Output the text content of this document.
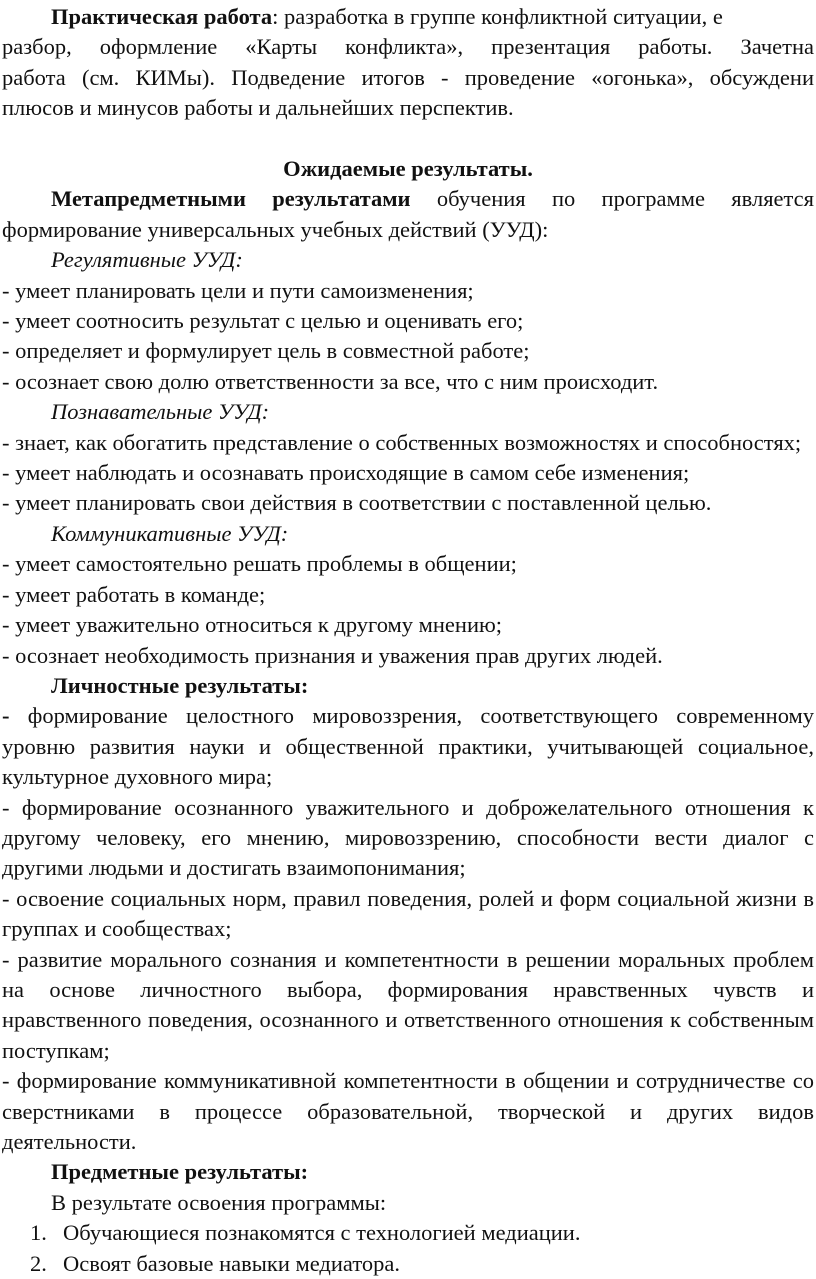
Практическая работа: разработка в группе конфликтной ситуации, е

разбор, оформление «Карты конфликта», презентация работы. Зачетна

работа (см. КИМы). Подведение итогов - проведение «огонька», обсуждени

плюсов и минусов работы и дальнейших перспектив.

Ожидаемые результаты.

Метапредметными результатами обучения по программе является формирование универсальных учебных действий (УУД):

Регулятивные УУД:

- умеет планировать цели и пути самоизменения;

- умеет соотносить результат с целью и оценивать его;

- определяет и формулирует цель в совместной работе;

- осознает свою долю ответственности за все, что с ним происходит.

Познавательные УУД:

- знает, как обогатить представление о собственных возможностях и способностях;

- умеет наблюдать и осознавать происходящие в самом себе изменения;

- умеет планировать свои действия в соответствии с поставленной целью.

Коммуникативные УУД:

- умеет самостоятельно решать проблемы в общении;

- умеет работать в команде;

- умеет уважительно относиться к другому мнению;

- осознает необходимость признания и уважения прав других людей.

Личностные результаты:

- формирование целостного мировоззрения, соответствующего современному уровню развития науки и общественной практики, учитывающей социальное, культурное духовного мира;

- формирование осознанного уважительного и доброжелательного отношения к другому человеку, его мнению, мировоззрению, способности вести диалог с другими людьми и достигать взаимопонимания;

- освоение социальных норм, правил поведения, ролей и форм социальной жизни в группах и сообществах;

- развитие морального сознания и компетентности в решении моральных проблем на основе личностного выбора, формирования нравственных чувств и нравственного поведения, осознанного и ответственного отношения к собственным поступкам;

- формирование коммуникативной компетентности в общении и сотрудничестве со сверстниками в процессе образовательной, творческой и других видов деятельности.

Предметные результаты:

В результате освоения программы:

1. Обучающиеся познакомятся с технологией медиации.
2. Освоят базовые навыки медиатора.
